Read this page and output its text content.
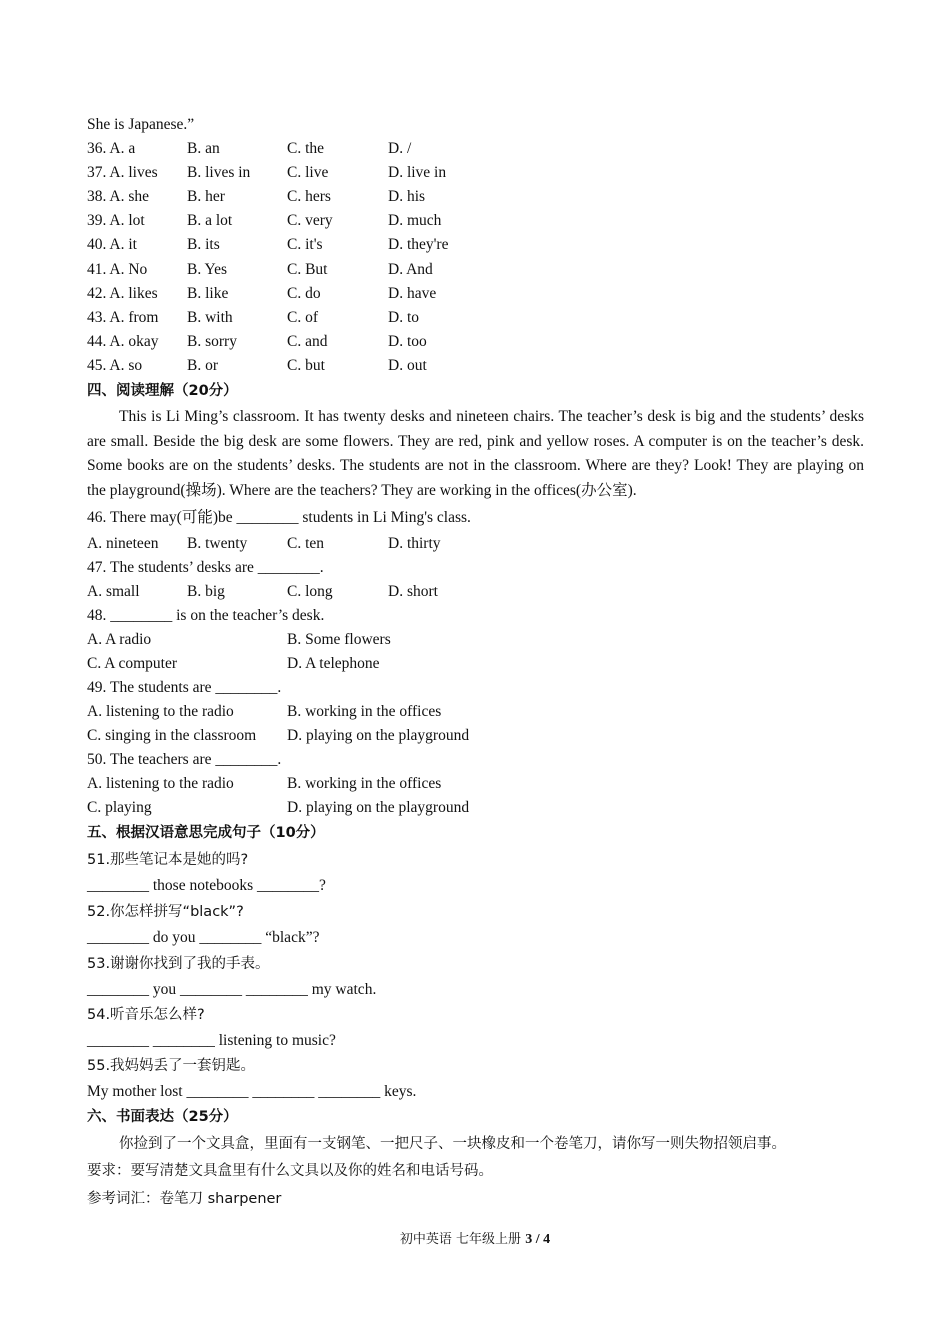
She is Japanese.”
36. A. a	B. an	C. the	D. /
37. A. lives B. lives in C. live	D. live in
38. A. she B. her	C. hers	D. his
39. A. lot	B. a lot	C. very	D. much
40. A. it	B. its	C. it's	D. they're
41. A. No	B. Yes	C. But	D. And
42. A. likes B. like	C. do	D. have
43. A. from B. with	C. of	D. to
44. A. okay B. sorry	C. and	D. too
45. A. so	B. or	C. but	D. out
四、阅读理解（20分）
This is Li Ming’s classroom. It has twenty desks and nineteen chairs. The teacher’s desk is big and the students’ desks are small. Beside the big desk are some flowers. They are red, pink and yellow roses. A computer is on the teacher’s desk. Some books are on the students’ desks. The students are not in the classroom. Where are they? Look! They are playing on the playground(操场). Where are the teachers? They are working in the offices(办公室).
46. There may(可能)be ________ students in Li Ming's class.
A. nineteen B. twenty	C. ten	D. thirty
47. The students’ desks are ________.
A. small	B. big	C. long	D. short
48. ________ is on the teacher’s desk.
A. A radio	B. Some flowers
C. A computer	D. A telephone
49. The students are ________.
A. listening to the radio	B. working in the offices
C. singing in the classroom D. playing on the playground
50. The teachers are ________.
A. listening to the radio	B. working in the offices
C. playing	D. playing on the playground
五、根据汉语意思完成句子（10分）
51.那些笔记本是她的吗?
________ those notebooks ________?
52.你怎样拼写“black”?
________ do you ________ “black”?
53.谢谢你找到了我的手表。
________ you ________ ________ my watch.
54.听音乐怎么样?
________ ________ listening to music?
55.我妈妈丢了一套钥匙。
My mother lost ________ ________ ________ keys.
六、书面表达（25分）
你捡到了一个文具盒，里面有一支钢笔、一把尺子、一块橡皮和一个卷笔刀，请你写一则失物招领启事。
要求：要写清楚文具盒里有什么文具以及你的姓名和电话号码。
参考词汇：卷笔刀 sharpener
初中英语 七年级上册 3 / 4
